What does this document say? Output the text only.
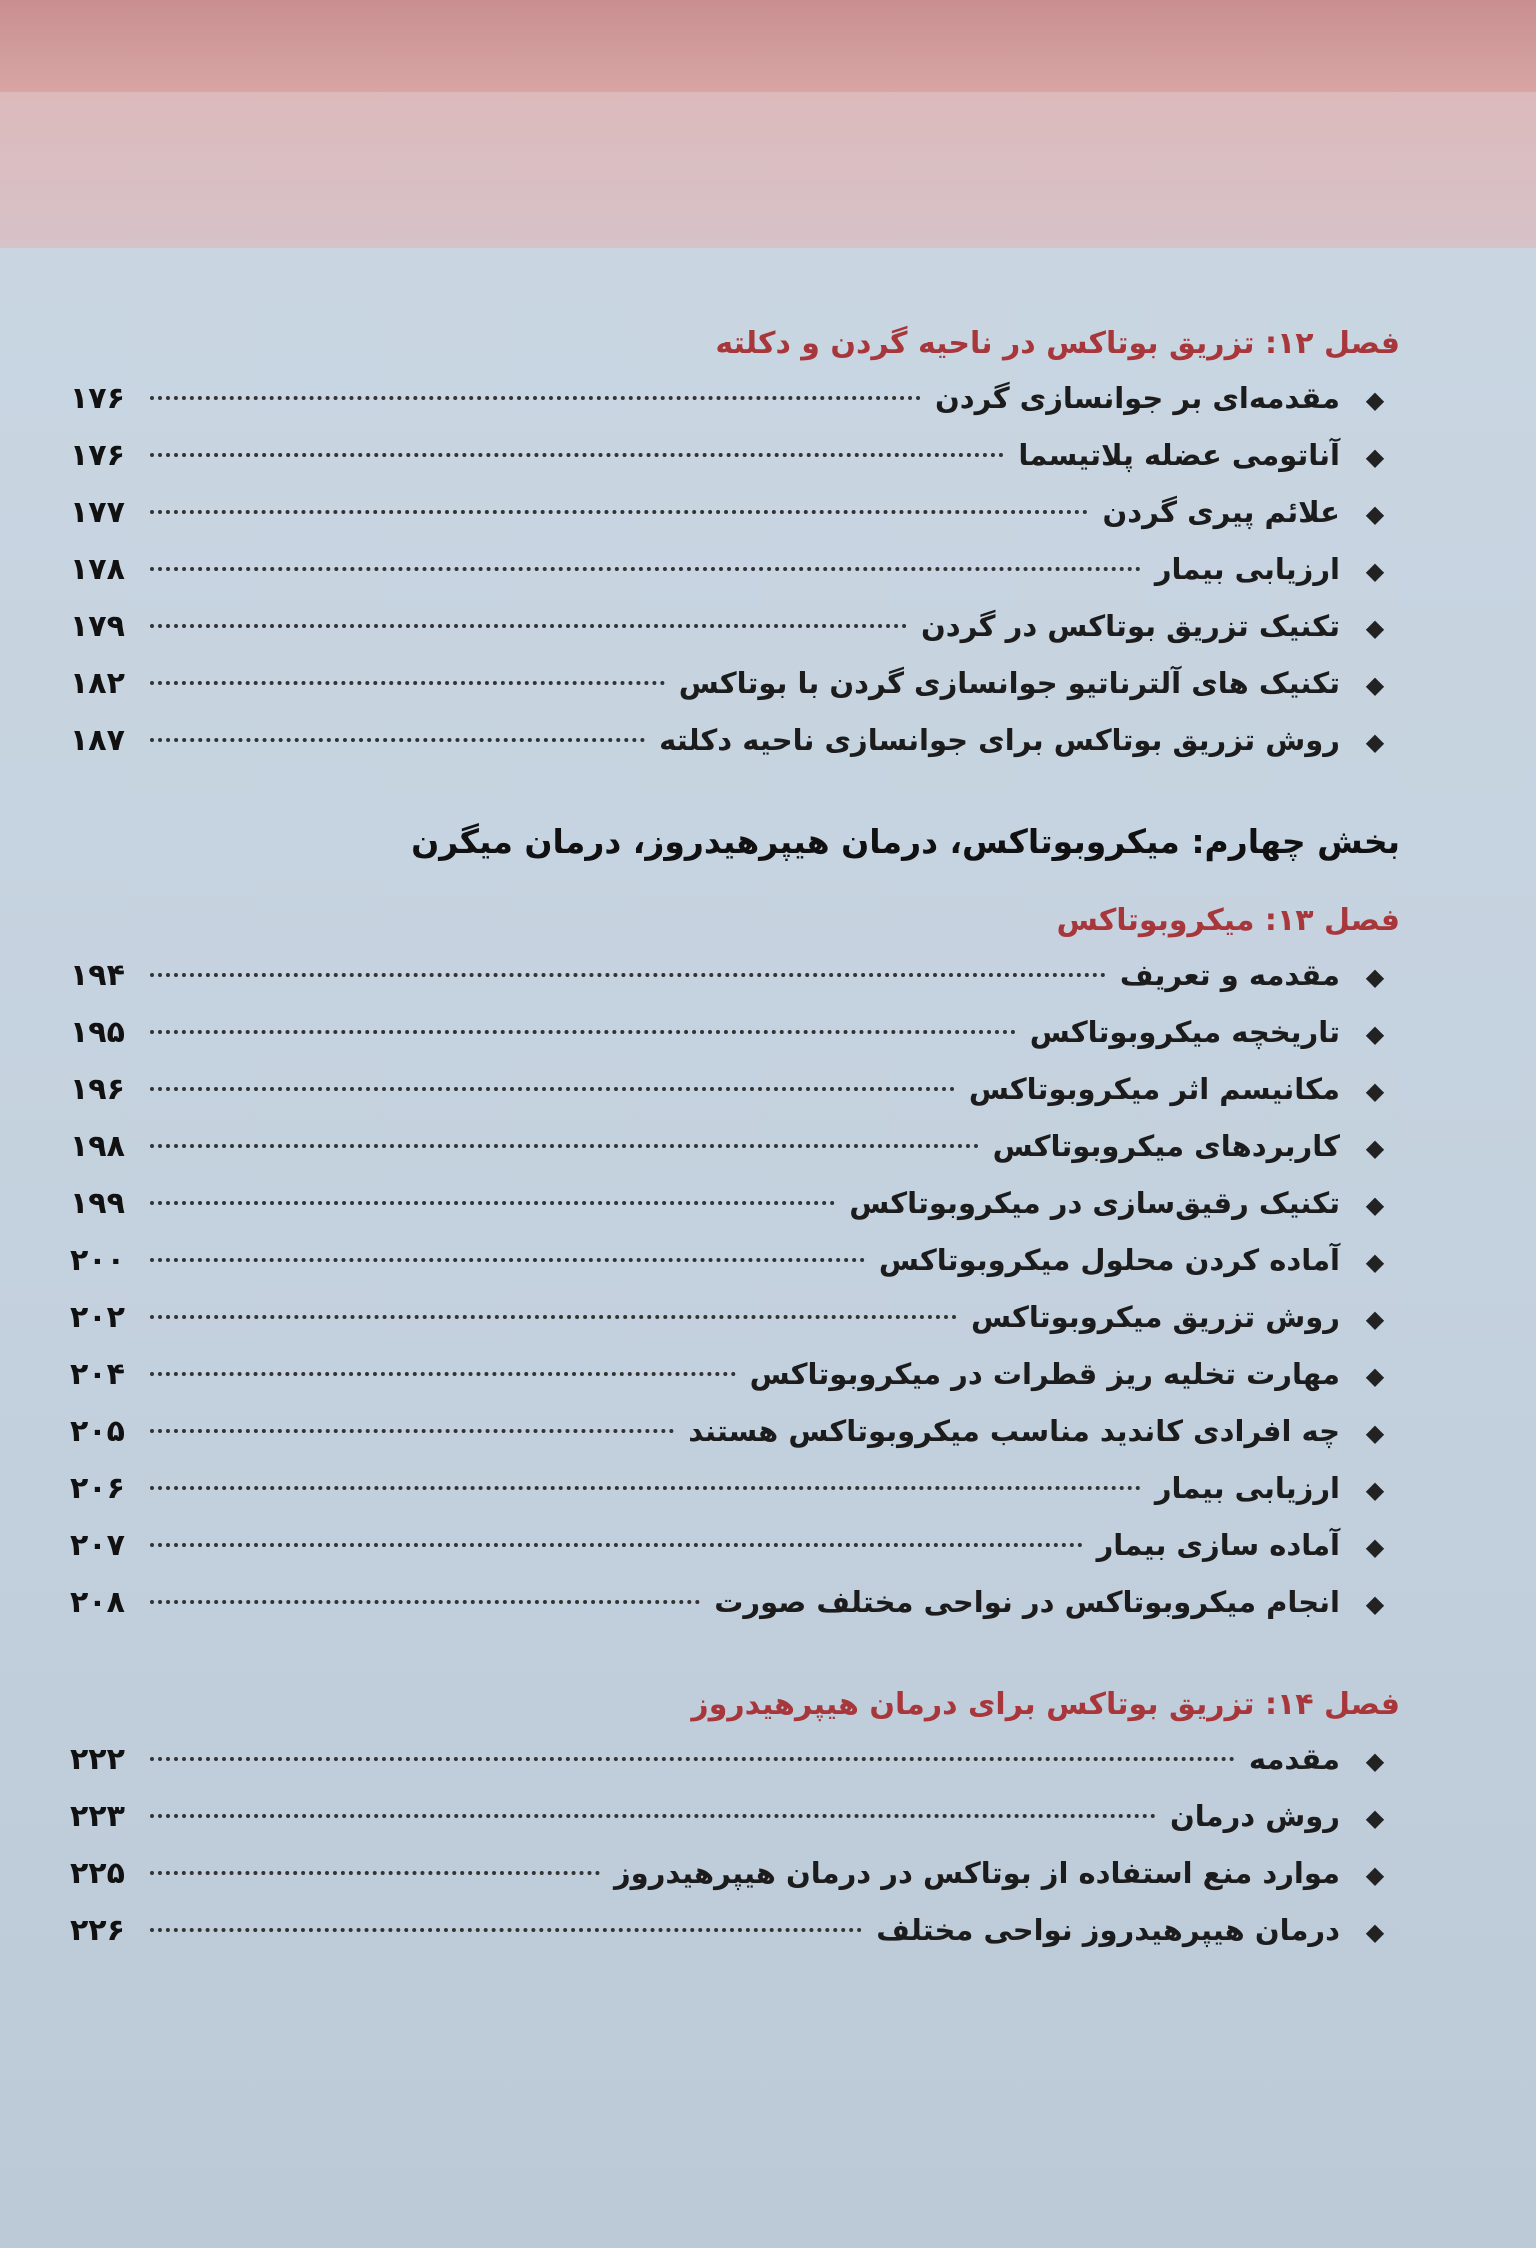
فصل ۱۲: تزریق بوتاکس در ناحیه گردن و دکلته
◆
مقدمه‌ای بر جوانسازی گردن
۱۷۶
◆
آناتومی عضله پلاتیسما
۱۷۶
◆
علائم پیری گردن
۱۷۷
◆
ارزیابی بیمار
۱۷۸
◆
تکنیک تزریق بوتاکس در گردن
۱۷۹
◆
تکنیک های آلترناتیو جوانسازی گردن با بوتاکس
۱۸۲
◆
روش تزریق بوتاکس برای جوانسازی ناحیه دکلته
۱۸۷
بخش چهارم: میکروبوتاکس، درمان هیپرهیدروز، درمان میگرن
فصل ۱۳: میکروبوتاکس
◆
مقدمه و تعریف
۱۹۴
◆
تاریخچه میکروبوتاکس
۱۹۵
◆
مکانیسم اثر میکروبوتاکس
۱۹۶
◆
کاربردهای میکروبوتاکس
۱۹۸
◆
تکنیک رقیق‌سازی در میکروبوتاکس
۱۹۹
◆
آماده کردن محلول میکروبوتاکس
۲۰۰
◆
روش تزریق میکروبوتاکس
۲۰۲
◆
مهارت تخلیه ریز قطرات در میکروبوتاکس
۲۰۴
◆
چه افرادی کاندید مناسب میکروبوتاکس هستند
۲۰۵
◆
ارزیابی بیمار
۲۰۶
◆
آماده سازی بیمار
۲۰۷
◆
انجام میکروبوتاکس در نواحی مختلف صورت
۲۰۸
فصل ۱۴: تزریق بوتاکس برای درمان هیپرهیدروز
◆
مقدمه
۲۲۲
◆
روش درمان
۲۲۳
◆
موارد منع استفاده از بوتاکس در درمان هیپرهیدروز
۲۲۵
◆
درمان هیپرهیدروز نواحی مختلف
۲۲۶
